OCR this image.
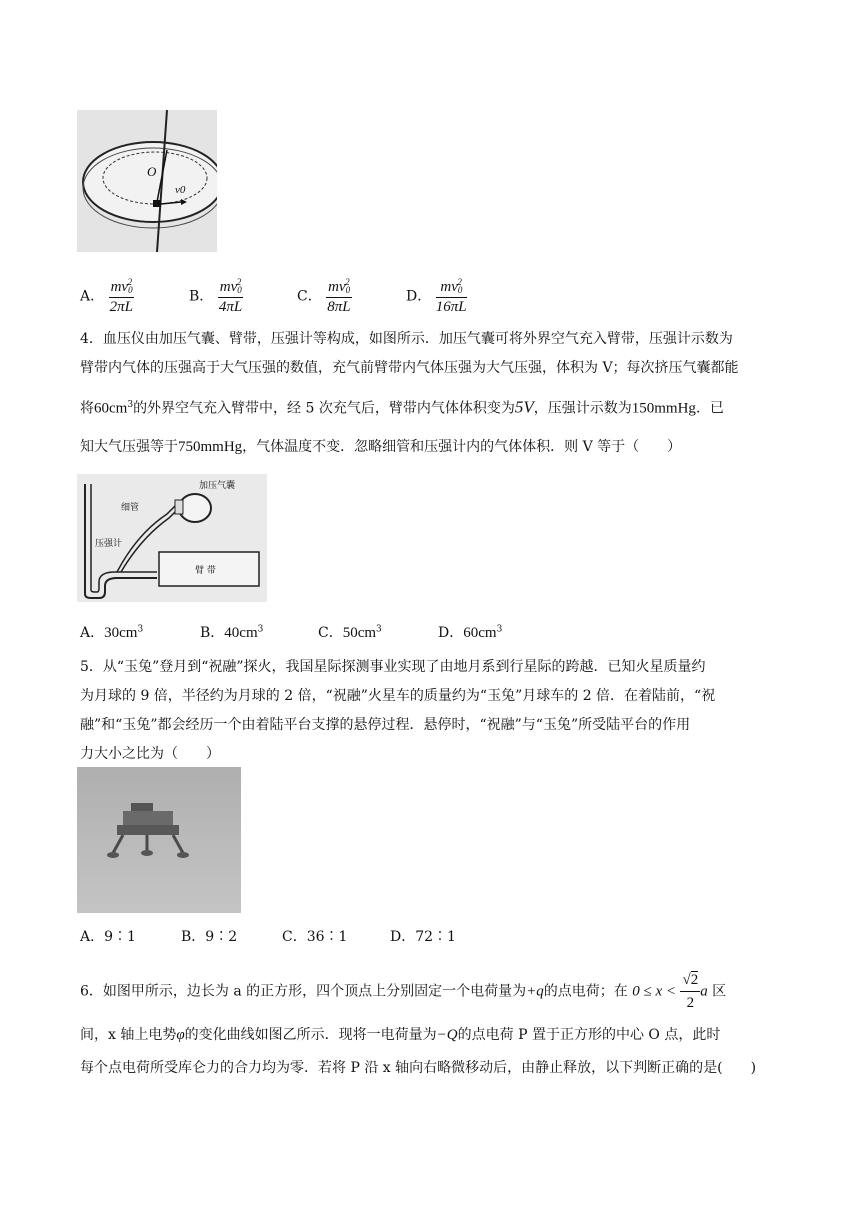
O
v0
A． $\frac{mv_0^2}{2\pi L}$	B． $\frac{mv_0^2}{4\pi L}$	C． $\frac{mv_0^2}{8\pi L}$	D． $\frac{mv_0^2}{16\pi L}$
4．血压仪由加压气囊、臂带，压强计等构成，如图所示．加压气囊可将外界空气充入臂带，压强计示数为
臂带内气体的压强高于大气压强的数值，充气前臂带内气体压强为大气压强，体积为 V；每次挤压气囊都能
将$60cm^3$的外界空气充入臂带中，经 5 次充气后，臂带内气体体积变为5V，压强计示数为150mmHg．已
知大气压强等于750mmHg，气体温度不变．忽略细管和压强计内的气体体积．则 V 等于（　　）
加压气囊
细管
压强计
臂 带
A．$30cm^3$	B．$40cm^3$	C．$50cm^3$	D．$60cm^3$
5．从“玉兔”登月到“祝融”探火，我国星际探测事业实现了由地月系到行星际的跨越．已知火星质量约
为月球的 9 倍，半径约为月球的 2 倍，“祝融”火星车的质量约为“玉兔”月球车的 2 倍．在着陆前，“祝
融”和“玉兔”都会经历一个由着陆平台支撑的悬停过程．悬停时，“祝融”与“玉兔”所受陆平台的作用
力大小之比为（　　）
A．9∶1	B．9∶2	C．36∶1	D．72∶1
6．如图甲所示，边长为 a 的正方形，四个顶点上分别固定一个电荷量为+q的点电荷；在 $0 \le x < \frac{√2}{2}$ a 区
间，x 轴上电势φ的变化曲线如图乙所示．现将一电荷量为−Q的点电荷 P 置于正方形的中心 O 点，此时
每个点电荷所受库仑力的合力均为零．若将 P 沿 x 轴向右略微移动后，由静止释放，以下判断正确的是(　　)
